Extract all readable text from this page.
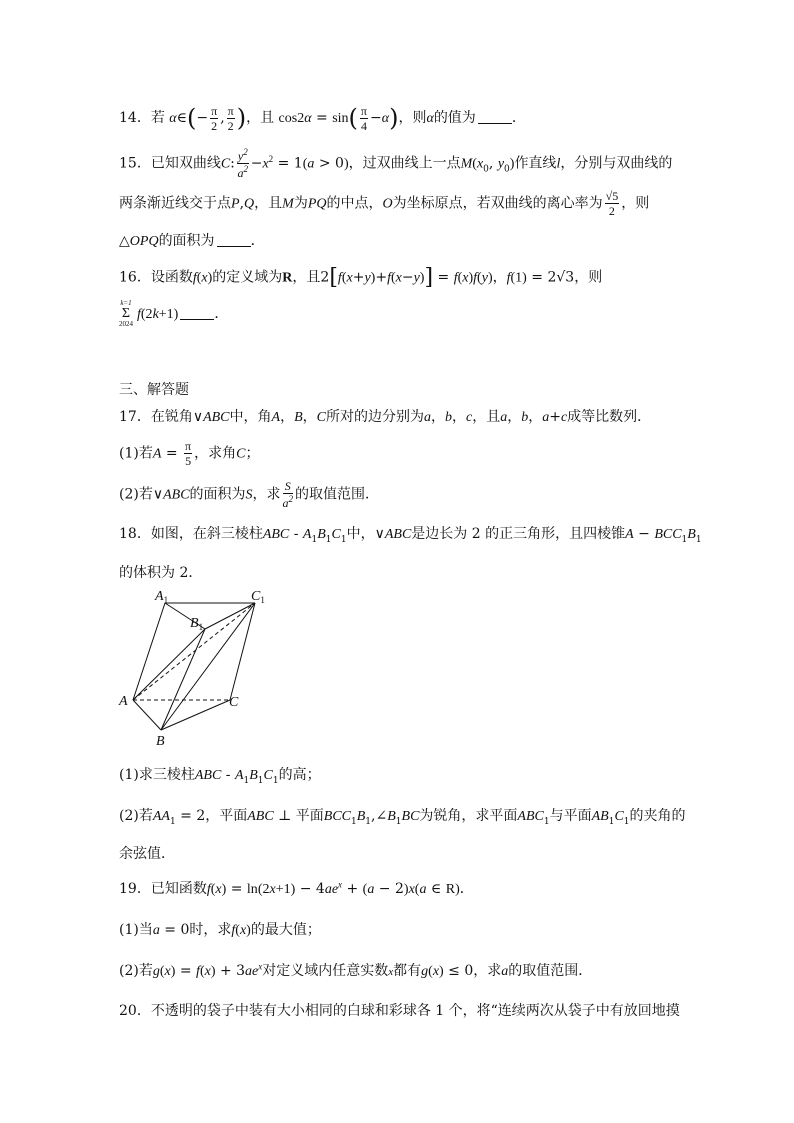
14．若 α∈(− $\frac{\pi}{2}$ , $\frac{\pi}{2}$ )，且 $\cos 2\alpha = \sin( \frac{\pi}{4} -\alpha)$，则α的值为	．
15．已知双曲线C: $\frac{y^2}{a^2} -x^2 = 1(a > 0)$，过双曲线上一点$M(x_0$, $y_0$)作直线l，分别与双曲线的
两条渐近线交于点P,Q，且M为PQ的中点，O为坐标原点，若双曲线的离心率为 $\frac{√5}{2}$ ，则
△OPQ的面积为	．
16．设函数f(x)的定义域为R，且2[f(x+y)+f(x−y)] = f(x)f(y)，f(1) = 2√3，则
k=1
Σ
2024
f(2k+1)	．
三、解答题
17．在锐角∨ABC中，角A，B，C所对的边分别为a，b，c，且a，b，a+c成等比数列．
(1)若$A = \frac{\pi}{5}$ ，求角C；
(2)若∨ABC的面积为S，求 $\frac{S}{a^2}$ 的取值范围．
18．如图，在斜三棱柱ABC - $A_1B_1C_1$中，∨ABC是边长为 2 的正三角形，且四棱锥$A - BCC_1B_1$
的体积为 2．
$A_1$	$C_1$
$B_1$
A	C
B
(1)求三棱柱ABC - $A_1B_1C_1$的高；
(2)若$AA_1 = 2$，平面ABC ⊥ 平面$BCC_1B_1,\angle B_1BC$为锐角，求平面$ABC_1$与平面$AB_1C_1$的夹角的
余弦值．
19．已知函数$f(x) = \ln(2x+1) - 4ae^x + (a - 2)x(a$ ∈ R)．
(1)当a = 0时，求f(x)的最大值；
(2)若$g(x) = f(x) + 3ae^x$对定义域内任意实数x都有g(x) ≤ 0，求a的取值范围．
20．不透明的袋子中装有大小相同的白球和彩球各 1 个，将“连续两次从袋子中有放回地摸
